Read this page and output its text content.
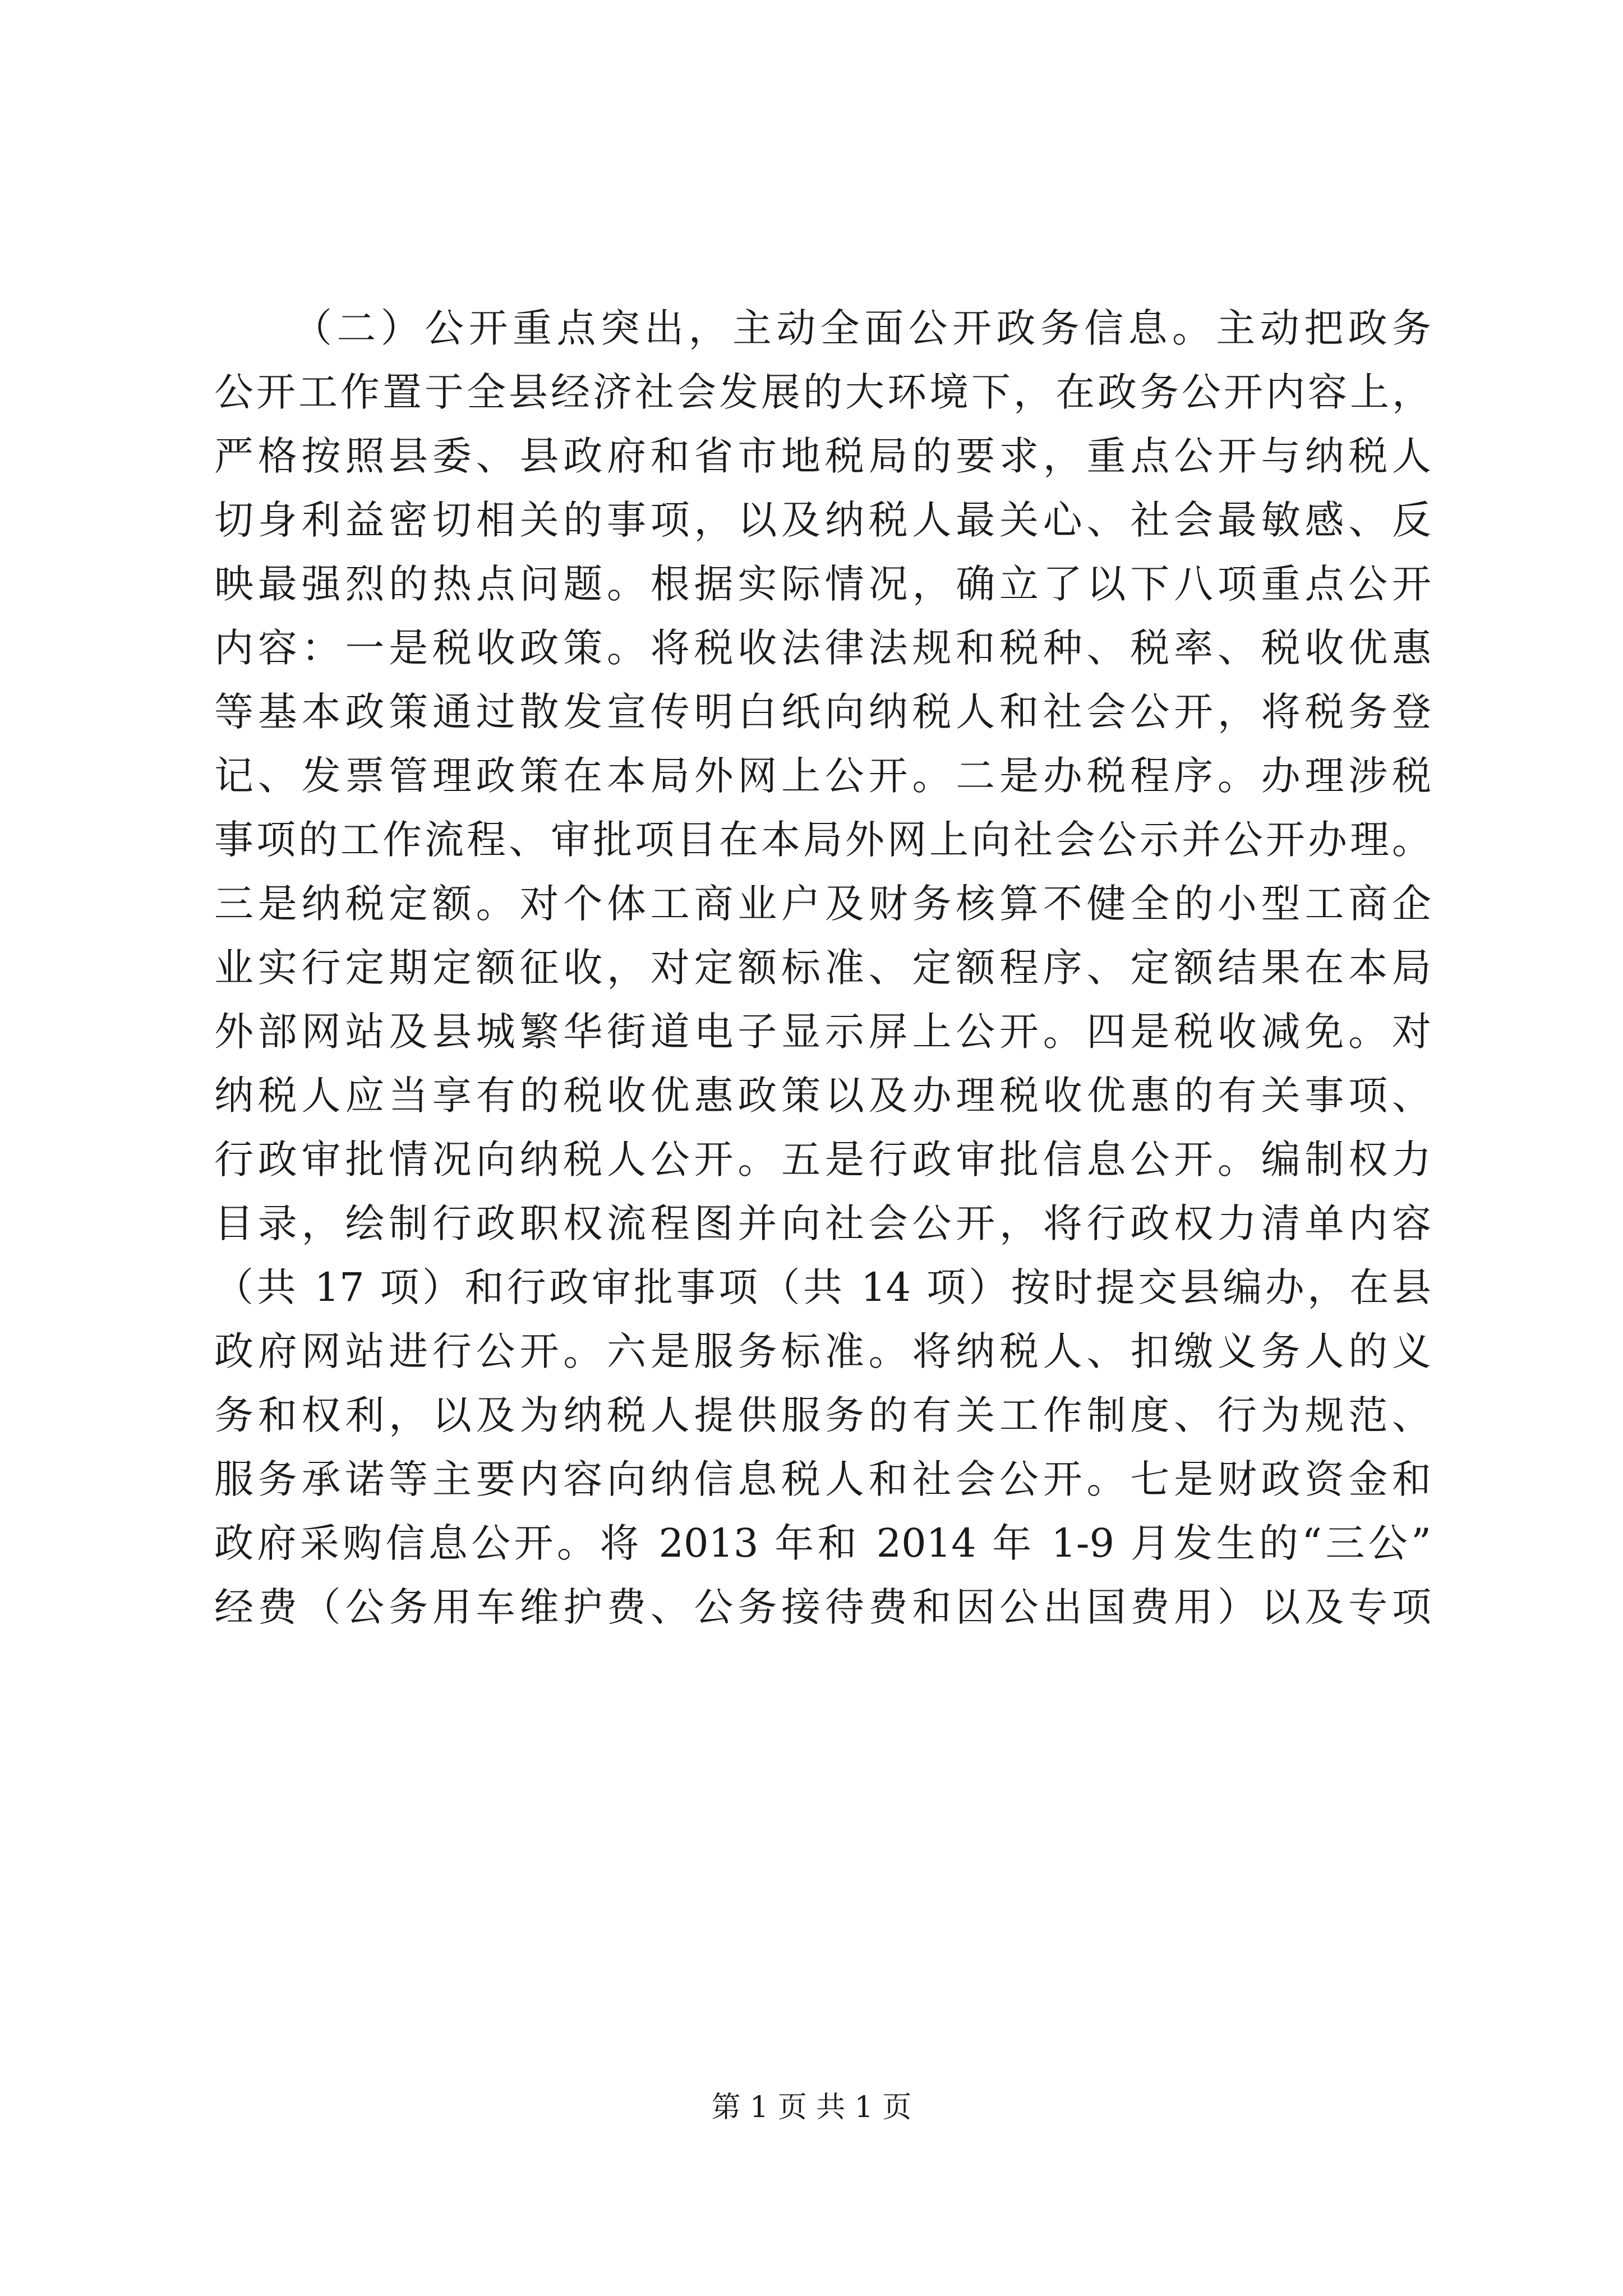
（二）公开重点突出，主动全面公开政务信息。主动把政务
公开工作置于全县经济社会发展的大环境下，在政务公开内容上，
严格按照县委、县政府和省市地税局的要求，重点公开与纳税人
切身利益密切相关的事项，以及纳税人最关心、社会最敏感、反
映最强烈的热点问题。根据实际情况，确立了以下八项重点公开
内容：一是税收政策。将税收法律法规和税种、税率、税收优惠
等基本政策通过散发宣传明白纸向纳税人和社会公开，将税务登
记、发票管理政策在本局外网上公开。二是办税程序。办理涉税
事项的工作流程、审批项目在本局外网上向社会公示并公开办理。
三是纳税定额。对个体工商业户及财务核算不健全的小型工商企
业实行定期定额征收，对定额标准、定额程序、定额结果在本局
外部网站及县城繁华街道电子显示屏上公开。四是税收减免。对
纳税人应当享有的税收优惠政策以及办理税收优惠的有关事项、
行政审批情况向纳税人公开。五是行政审批信息公开。编制权力
目录，绘制行政职权流程图并向社会公开，将行政权力清单内容
（共 17 项）和行政审批事项（共 14 项）按时提交县编办，在县
政府网站进行公开。六是服务标准。将纳税人、扣缴义务人的义
务和权利，以及为纳税人提供服务的有关工作制度、行为规范、
服务承诺等主要内容向纳信息税人和社会公开。七是财政资金和
政府采购信息公开。将 2013 年和 2014 年 1-9 月发生的“三公”
经费（公务用车维护费、公务接待费和因公出国费用）以及专项
第 1 页 共 1 页
